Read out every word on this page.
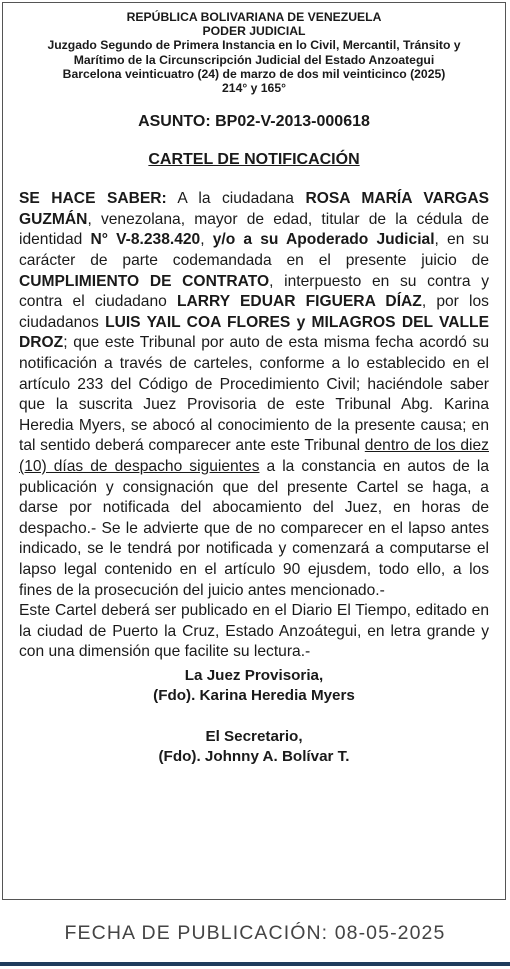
REPÚBLICA BOLIVARIANA DE VENEZUELA
PODER JUDICIAL
Juzgado Segundo de Primera Instancia en lo Civil, Mercantil, Tránsito y
Marítimo de la Circunscripción Judicial del Estado Anzoategui
Barcelona veinticuatro (24) de marzo de dos mil veinticinco (2025)
214° y 165°
ASUNTO: BP02-V-2013-000618
CARTEL DE NOTIFICACIÓN

SE HACE SABER: A la ciudadana ROSA MARÍA VARGAS GUZMÁN, venezolana, mayor de edad, titular de la cédula de identidad N° V-8.238.420, y/o a su Apoderado Judicial, en su carácter de parte codemandada en el presente juicio de CUMPLIMIENTO DE CONTRATO, interpuesto en su contra y contra el ciudadano LARRY EDUAR FIGUERA DÍAZ, por los ciudadanos LUIS YAIL COA FLORES y MILAGROS DEL VALLE DROZ; que este Tribunal por auto de esta misma fecha acordó su notificación a través de carteles, conforme a lo establecido en el artículo 233 del Código de Procedimiento Civil; haciéndole saber que la suscrita Juez Provisoria de este Tribunal Abg. Karina Heredia Myers, se abocó al conocimiento de la presente causa; en tal sentido deberá comparecer ante este Tribunal dentro de los diez (10) días de despacho siguientes a la constancia en autos de la publicación y consignación que del presente Cartel se haga, a darse por notificada del abocamiento del Juez, en horas de despacho.- Se le advierte que de no comparecer en el lapso antes indicado, se le tendrá por notificada y comenzará a computarse el lapso legal contenido en el artículo 90 ejusdem, todo ello, a los fines de la prosecución del juicio antes mencionado.-

Este Cartel deberá ser publicado en el Diario El Tiempo, editado en la ciudad de Puerto la Cruz, Estado Anzoátegui, en letra grande y con una dimensión que facilite su lectura.-

La Juez Provisoria,
(Fdo). Karina Heredia Myers
El Secretario,
(Fdo). Johnny A. Bolívar T.
FECHA DE PUBLICACIÓN: 08-05-2025
